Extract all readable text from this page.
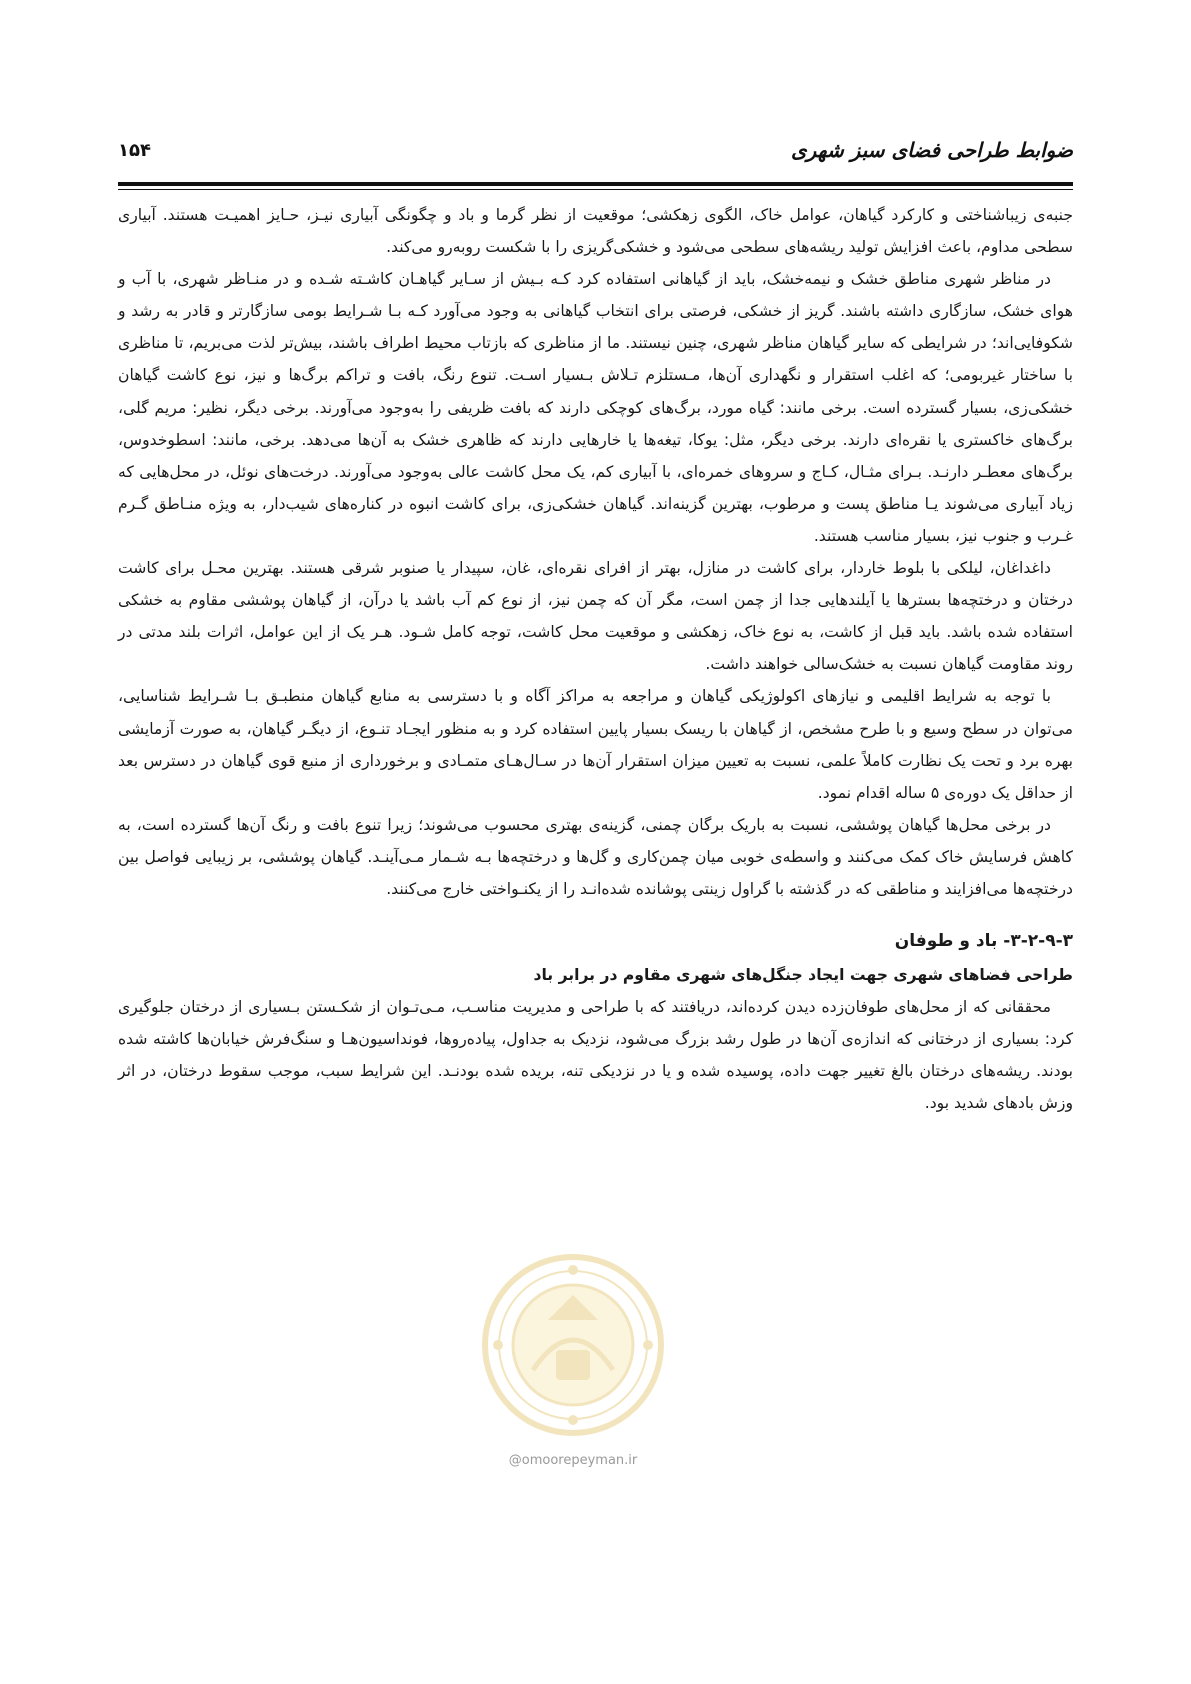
ضوابط طراحی فضای سبز شهری
۱۵۴

جنبه‌ی زیباشناختی و کارکرد گیاهان، عوامل خاک، الگوی زهکشی؛ موقعیت از نظر گرما و باد و چگونگی آبیاری نیـز، حـایز اهمیـت هستند. آبیاری سطحی مداوم، باعث افزایش تولید ریشه‌های سطحی می‌شود و خشکی‌گریزی را با شکست روبه‌رو می‌کند.

در مناظر شهری مناطق خشک و نیمه‌خشک، باید از گیاهانی استفاده کرد کـه بـیش از سـایر گیاهـان کاشـته شـده و در منـاظر شهری، با آب و هوای خشک، سازگاری داشته باشند. گریز از خشکی، فرصتی برای انتخاب گیاهانی به وجود می‌آورد کـه بـا شـرایط بومی سازگارتر و قادر به رشد و شکوفایی‌اند؛ در شرایطی که سایر گیاهان مناظر شهری، چنین نیستند. ما از مناظری که بازتاب محیط اطراف باشند، بیش‌تر لذت می‌بریم، تا مناظری با ساختار غیربومی؛ که اغلب استقرار و نگهداری آن‌ها، مـستلزم تـلاش بـسیار اسـت. تنوع رنگ، بافت و تراکم برگ‌ها و نیز، نوع کاشت گیاهان خشکی‌زی، بسیار گسترده است. برخی مانند: گیاه مورد، برگ‌های کوچکی دارند که بافت ظریفی را به‌وجود می‌آورند. برخی دیگر، نظیر: مریم گلی، برگ‌های خاکستری یا نقره‌ای دارند. برخی دیگر، مثل: یوکا، تیغه‌ها یا خارهایی دارند که ظاهری خشک به آن‌ها می‌دهد. برخی، مانند: اسطوخدوس، برگ‌های معطـر دارنـد. بـرای مثـال، کـاج و سروهای خمره‌ای، با آبیاری کم، یک محل کاشت عالی به‌وجود می‌آورند. درخت‌های نوئل، در محل‌هایی که زیاد آبیاری می‌شوند یـا مناطق پست و مرطوب، بهترین گزینه‌اند. گیاهان خشکی‌زی، برای کاشت انبوه در کناره‌های شیب‌دار، به ویژه منـاطق گـرم غـرب و جنوب نیز، بسیار مناسب هستند.

داغداغان، لیلکی با بلوط خاردار، برای کاشت در منازل، بهتر از افرای نقره‌ای، غان، سپیدار یا صنوبر شرقی هستند. بهترین محـل برای کاشت درختان و درختچه‌ها بسترها یا آیلندهایی جدا از چمن است، مگر آن که چمن نیز، از نوع کم آب باشد یا درآن، از گیاهان پوششی مقاوم به خشکی استفاده شده باشد. باید قبل از کاشت، به نوع خاک، زهکشی و موقعیت محل کاشت، توجه کامل شـود. هـر یک از این عوامل، اثرات بلند مدتی در روند مقاومت گیاهان نسبت به خشک‌سالی خواهند داشت.

با توجه به شرایط اقلیمی و نیازهای اکولوژیکی گیاهان و مراجعه به مراکز آگاه و با دسترسی به منابع گیاهان منطبـق بـا شـرایط شناسایی، می‌توان در سطح وسیع و با طرح مشخص، از گیاهان با ریسک بسیار پایین استفاده کرد و به منظور ایجـاد تنـوع، از دیگـر گیاهان، به صورت آزمایشی بهره برد و تحت یک نظارت کاملاً علمی، نسبت به تعیین میزان استقرار آن‌ها در سـال‌هـای متمـادی و برخورداری از منبع قوی گیاهان در دسترس بعد از حداقل یک دوره‌ی ۵ ساله اقدام نمود.

در برخی محل‌ها گیاهان پوششی، نسبت به باریک برگان چمنی، گزینه‌ی بهتری محسوب می‌شوند؛ زیرا تنوع بافت و رنگ آن‌ها گسترده است، به کاهش فرسایش خاک کمک می‌کنند و واسطه‌ی خوبی میان چمن‌کاری و گل‌ها و درختچه‌ها بـه شـمار مـی‌آینـد. گیاهان پوششی، بر زیبایی فواصل بین درختچه‌ها می‌افزایند و مناطقی که در گذشته با گراول زینتی پوشانده شده‌انـد را از یکنـواختی خارج می‌کنند.

۳-۲-۹-۳- باد و طوفان
طراحی فضاهای شهری جهت ایجاد جنگل‌های شهری مقاوم در برابر باد

محققانی که از محل‌های طوفان‌زده دیدن کرده‌اند، دریافتند که با طراحی و مدیریت مناسـب، مـی‌تـوان از شکـستن بـسیاری از درختان جلوگیری کرد: بسیاری از درختانی که اندازه‌ی آن‌ها در طول رشد بزرگ می‌شود، نزدیک به جداول، پیاده‌روها، فونداسیون‌هـا و سنگ‌فرش خیابان‌ها کاشته شده بودند. ریشه‌های درختان بالغ تغییر جهت داده، پوسیده شده و یا در نزدیکی تنه، بریده شده بودنـد. این شرایط سبب، موجب سقوط درختان، در اثر وزش بادهای شدید بود.

@omoorepeyman.ir
